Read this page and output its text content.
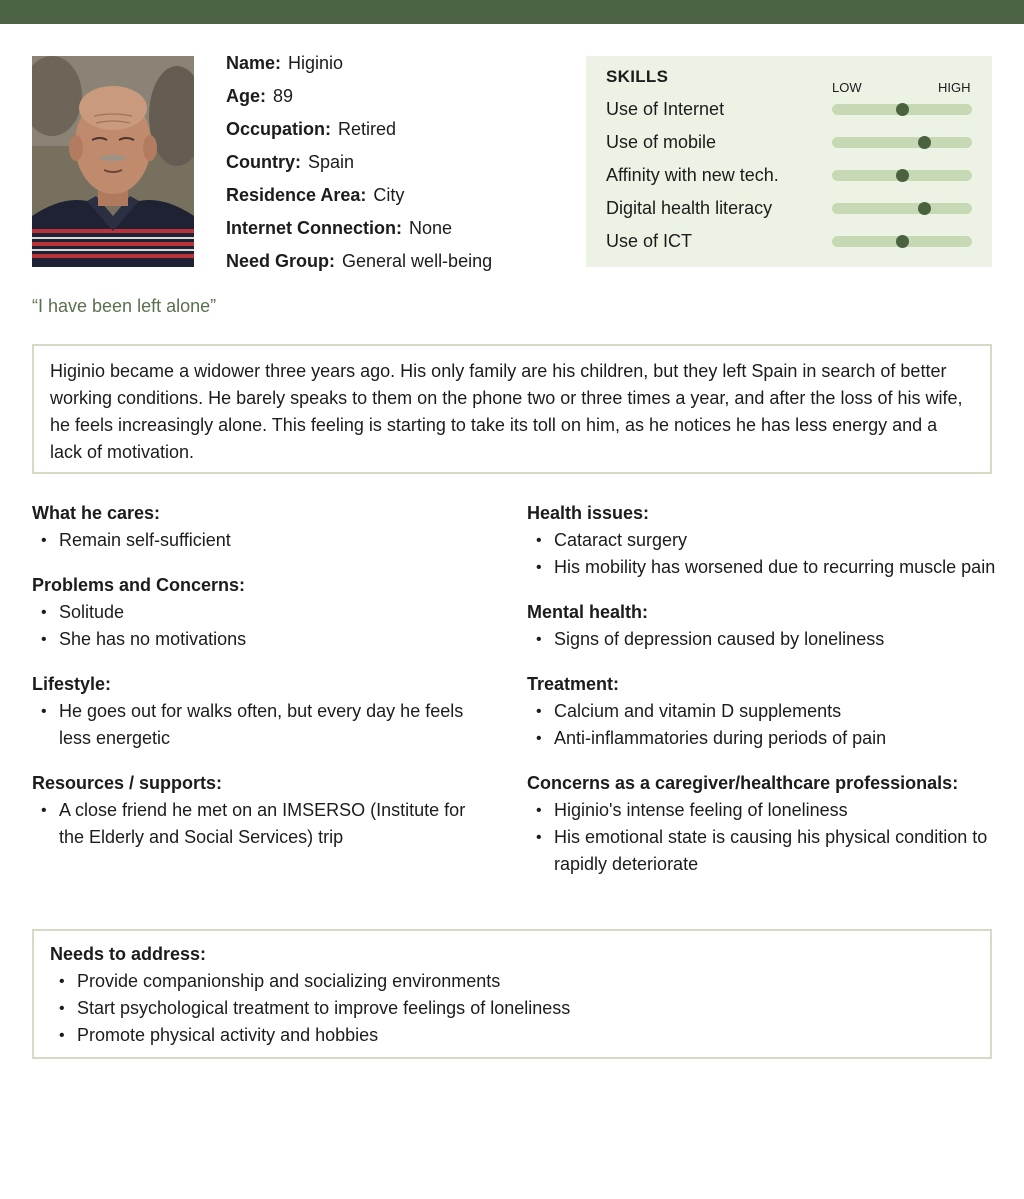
Name: Higinio
Age: 89
Occupation: Retired
Country: Spain
Residence Area: City
Internet Connection: None
Need Group: General well-being
SKILLS
LOW	HIGH
Use of Internet
Use of mobile
Affinity with new tech.
Digital health literacy
Use of ICT
“I have been left alone”

Higinio became a widower three years ago. His only family are his children, but they left Spain in search of better working conditions. He barely speaks to them on the phone two or three times a year, and after the loss of his wife, he feels increasingly alone. This feeling is starting to take its toll on him, as he notices he has less energy and a lack of motivation.

What he cares:
• Remain self-sufficient
Problems and Concerns:
• Solitude
• She has no motivations
Lifestyle:
• He goes out for walks often, but every day he feels less energetic
Resources / supports:
• A close friend he met on an IMSERSO (Institute for the Elderly and Social Services) trip
Health issues:
• Cataract surgery
• His mobility has worsened due to recurring muscle pain
Mental health:
• Signs of depression caused by loneliness
Treatment:
• Calcium and vitamin D supplements
• Anti-inflammatories during periods of pain
Concerns as a caregiver/healthcare professionals:
• Higinio's intense feeling of loneliness
• His emotional state is causing his physical condition to rapidly deteriorate
Needs to address:
• Provide companionship and socializing environments
• Start psychological treatment to improve feelings of loneliness
• Promote physical activity and hobbies
